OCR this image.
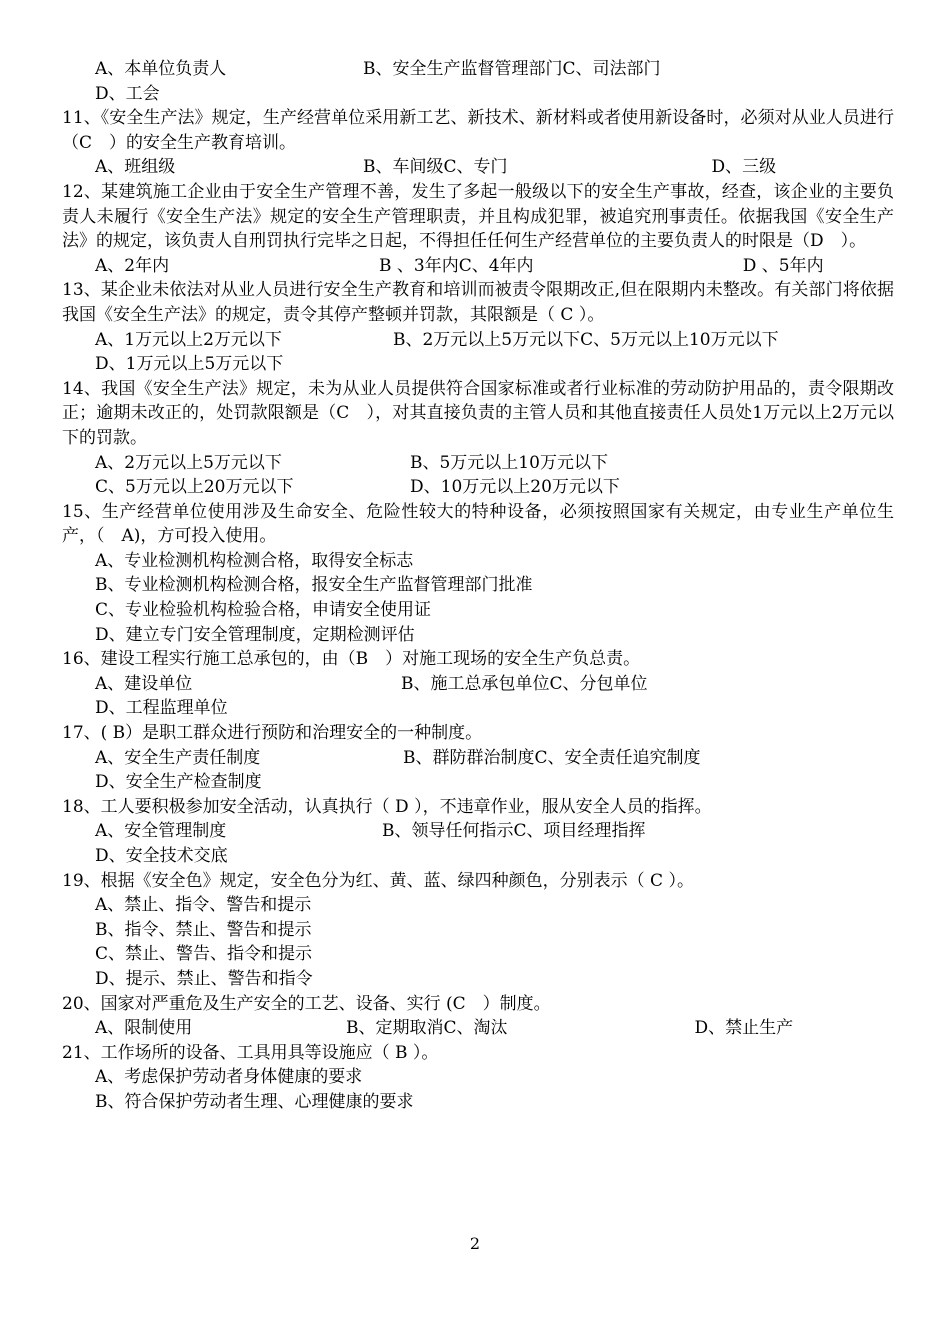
A、本单位负责人	B、安全生产监督管理部门 C、司法部门
D、工会

11、《安全生产法》规定，生产经营单位采用新工艺、新技术、新材料或者使用新设备时，必须对从业人员进行（C　）的安全生产教育培训。

A、班组级	B、车间级 C、专门	D、三级

12、某建筑施工企业由于安全生产管理不善，发生了多起一般级以下的安全生产事故，经查，该企业的主要负责人未履行《安全生产法》规定的安全生产管理职责，并且构成犯罪，被追究刑事责任。依据我国《安全生产法》的规定，该负责人自刑罚执行完毕之日起，不得担任任何生产经营单位的主要负责人的时限是（D　）。

A、2年内	B 、3年内 C、4年内	D 、5年内

13、某企业未依法对从业人员进行安全生产教育和培训而被责令限期改正,但在限期内未整改。有关部门将依据我国《安全生产法》的规定，责令其停产整顿并罚款，其限额是（ C ）。

A、1万元以上2万元以下	B、2万元以上5万元以下 C、5万元以上10万元以下
D、1万元以上5万元以下

14、我国《安全生产法》规定，未为从业人员提供符合国家标准或者行业标准的劳动防护用品的，责令限期改正；逾期未改正的，处罚款限额是（C　），对其直接负责的主管人员和其他直接责任人员处1万元以上2万元以下的罚款。

A、2万元以上5万元以下	B、5万元以上10万元以下
C、5万元以上20万元以下	D、10万元以上20万元以下

15、生产经营单位使用涉及生命安全、危险性较大的特种设备，必须按照国家有关规定，由专业生产单位生产，（　A)，方可投入使用。

A、专业检测机构检测合格，取得安全标志
B、专业检测机构检测合格，报安全生产监督管理部门批准
C、专业检验机构检验合格，申请安全使用证
D、建立专门安全管理制度，定期检测评估

16、建设工程实行施工总承包的，由（B　）对施工现场的安全生产负总责。

A、建设单位	B、施工总承包单位 C、分包单位
D、工程监理单位

17、( B）是职工群众进行预防和治理安全的一种制度。

A、安全生产责任制度	B、群防群治制度 C、安全责任追究制度
D、安全生产检查制度

18、工人要积极参加安全活动，认真执行（ D ），不违章作业，服从安全人员的指挥。

A、安全管理制度	B、领导任何指示 C、项目经理指挥
D、安全技术交底

19、根据《安全色》规定，安全色分为红、黄、蓝、绿四种颜色，分别表示（ C ）。

A、禁止、指令、警告和提示
B、指令、禁止、警告和提示
C、禁止、警告、指令和提示
D、提示、禁止、警告和指令

20、国家对严重危及生产安全的工艺、设备、实行 (C　）制度。

A、限制使用	B、定期取消 C、淘汰	D、禁止生产

21、工作场所的设备、工具用具等设施应（ B ）。

A、考虑保护劳动者身体健康的要求
B、符合保护劳动者生理、心理健康的要求
2
